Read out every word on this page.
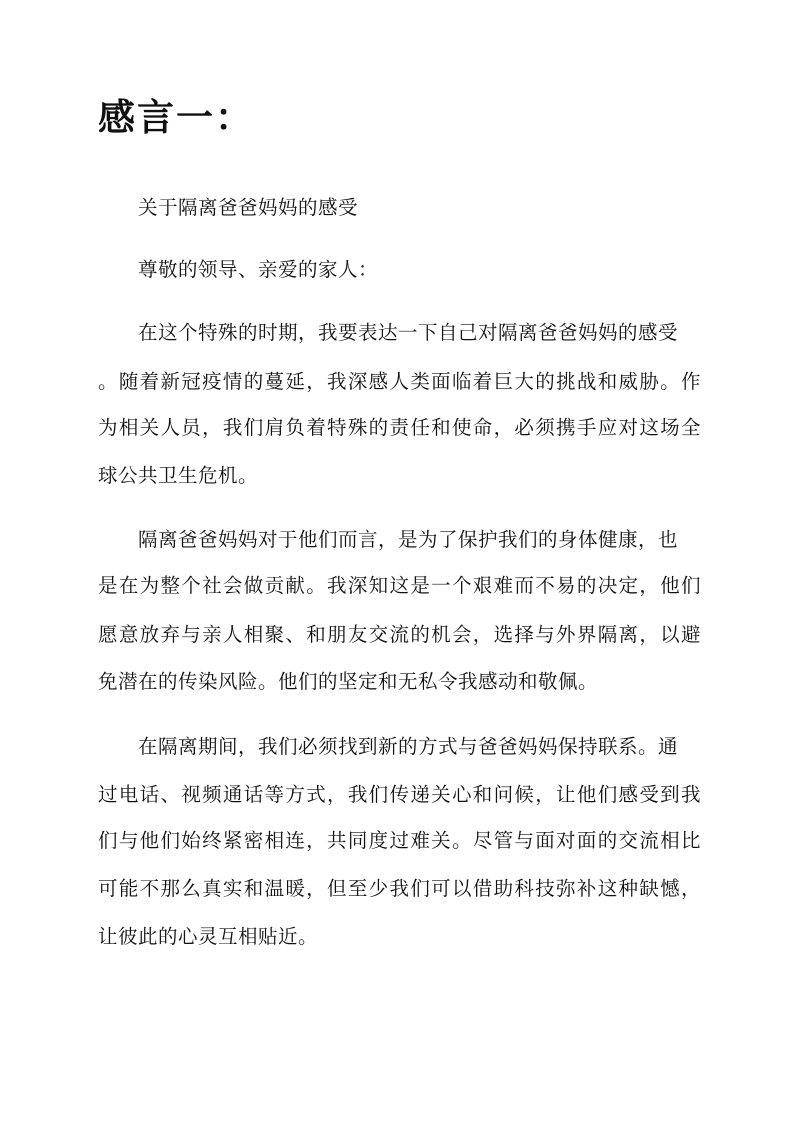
感言一：

关于隔离爸爸妈妈的感受

尊敬的领导、亲爱的家人：

在这个特殊的时期，我要表达一下自己对隔离爸爸妈妈的感受

。随着新冠疫情的蔓延，我深感人类面临着巨大的挑战和威胁。作

为相关人员，我们肩负着特殊的责任和使命，必须携手应对这场全

球公共卫生危机。

隔离爸爸妈妈对于他们而言，是为了保护我们的身体健康，也

是在为整个社会做贡献。我深知这是一个艰难而不易的决定，他们

愿意放弃与亲人相聚、和朋友交流的机会，选择与外界隔离，以避

免潜在的传染风险。他们的坚定和无私令我感动和敬佩。

在隔离期间，我们必须找到新的方式与爸爸妈妈保持联系。通

过电话、视频通话等方式，我们传递关心和问候，让他们感受到我

们与他们始终紧密相连，共同度过难关。尽管与面对面的交流相比

可能不那么真实和温暖，但至少我们可以借助科技弥补这种缺憾，

让彼此的心灵互相贴近。
